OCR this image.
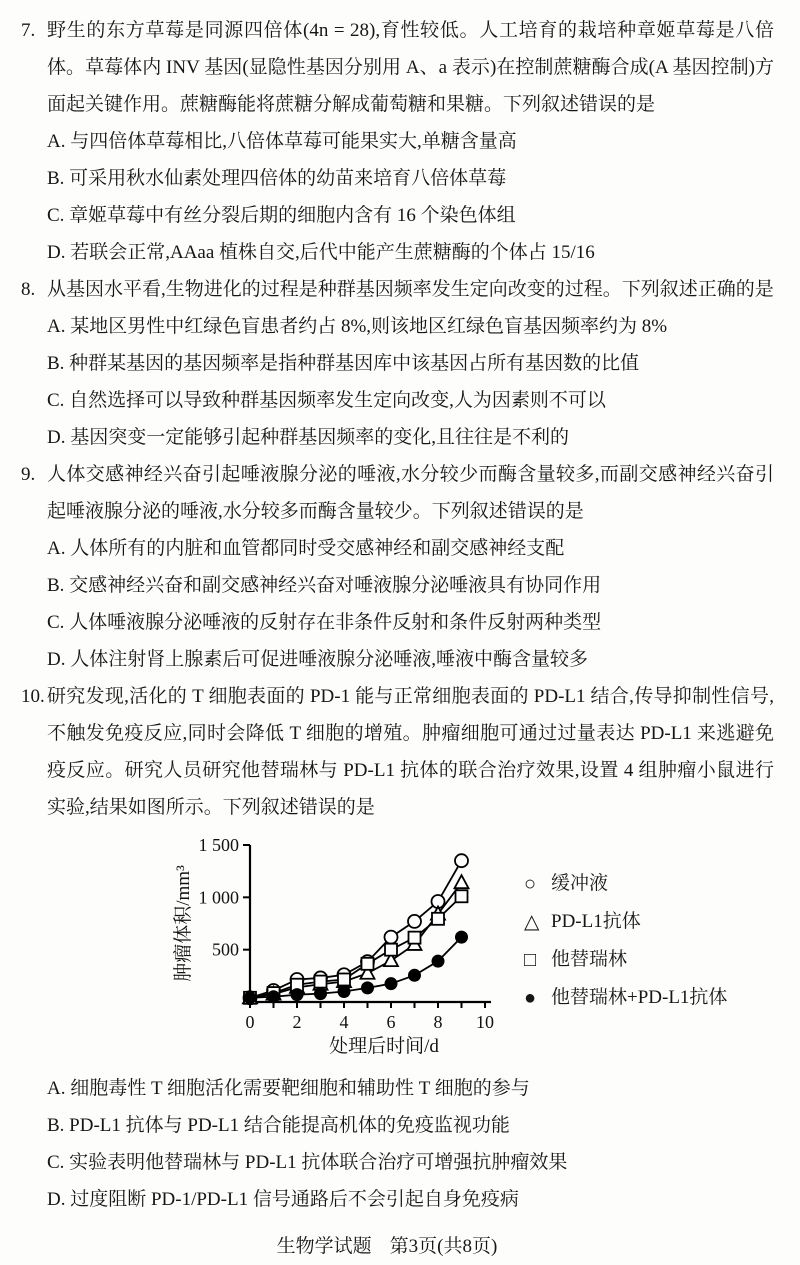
7. 野生的东方草莓是同源四倍体(4n = 28),育性较低。人工培育的栽培种章姬草莓是八倍体。草莓体内 INV 基因(显隐性基因分别用 A、a 表示)在控制蔗糖酶合成(A 基因控制)方面起关键作用。蔗糖酶能将蔗糖分解成葡萄糖和果糖。下列叙述错误的是
A. 与四倍体草莓相比,八倍体草莓可能果实大,单糖含量高
B. 可采用秋水仙素处理四倍体的幼苗来培育八倍体草莓
C. 章姬草莓中有丝分裂后期的细胞内含有 16 个染色体组
D. 若联会正常,AAaa 植株自交,后代中能产生蔗糖酶的个体占 15/16
8. 从基因水平看,生物进化的过程是种群基因频率发生定向改变的过程。下列叙述正确的是
A. 某地区男性中红绿色盲患者约占 8%,则该地区红绿色盲基因频率约为 8%
B. 种群某基因的基因频率是指种群基因库中该基因占所有基因数的比值
C. 自然选择可以导致种群基因频率发生定向改变,人为因素则不可以
D. 基因突变一定能够引起种群基因频率的变化,且往往是不利的
9. 人体交感神经兴奋引起唾液腺分泌的唾液,水分较少而酶含量较多,而副交感神经兴奋引起唾液腺分泌的唾液,水分较多而酶含量较少。下列叙述错误的是
A. 人体所有的内脏和血管都同时受交感神经和副交感神经支配
B. 交感神经兴奋和副交感神经兴奋对唾液腺分泌唾液具有协同作用
C. 人体唾液腺分泌唾液的反射存在非条件反射和条件反射两种类型
D. 人体注射肾上腺素后可促进唾液腺分泌唾液,唾液中酶含量较多
10. 研究发现,活化的 T 细胞表面的 PD-1 能与正常细胞表面的 PD-L1 结合,传导抑制性信号,不触发免疫反应,同时会降低 T 细胞的增殖。肿瘤细胞可通过过量表达 PD-L1 来逃避免疫反应。研究人员研究他替瑞林与 PD-L1 抗体的联合治疗效果,设置 4 组肿瘤小鼠进行实验,结果如图所示。下列叙述错误的是
500
1 000
1 500
0 2 4 6 8 10
处理后时间/d
肿瘤体积/mm³	○ 缓冲液
△ PD-L1抗体
□ 他替瑞林
● 他替瑞林+PD-L1抗体
A. 细胞毒性 T 细胞活化需要靶细胞和辅助性 T 细胞的参与
B. PD-L1 抗体与 PD-L1 结合能提高机体的免疫监视功能
C. 实验表明他替瑞林与 PD-L1 抗体联合治疗可增强抗肿瘤效果
D. 过度阻断 PD-1/PD-L1 信号通路后不会引起自身免疫病
生物学试题 第3页(共8页)
